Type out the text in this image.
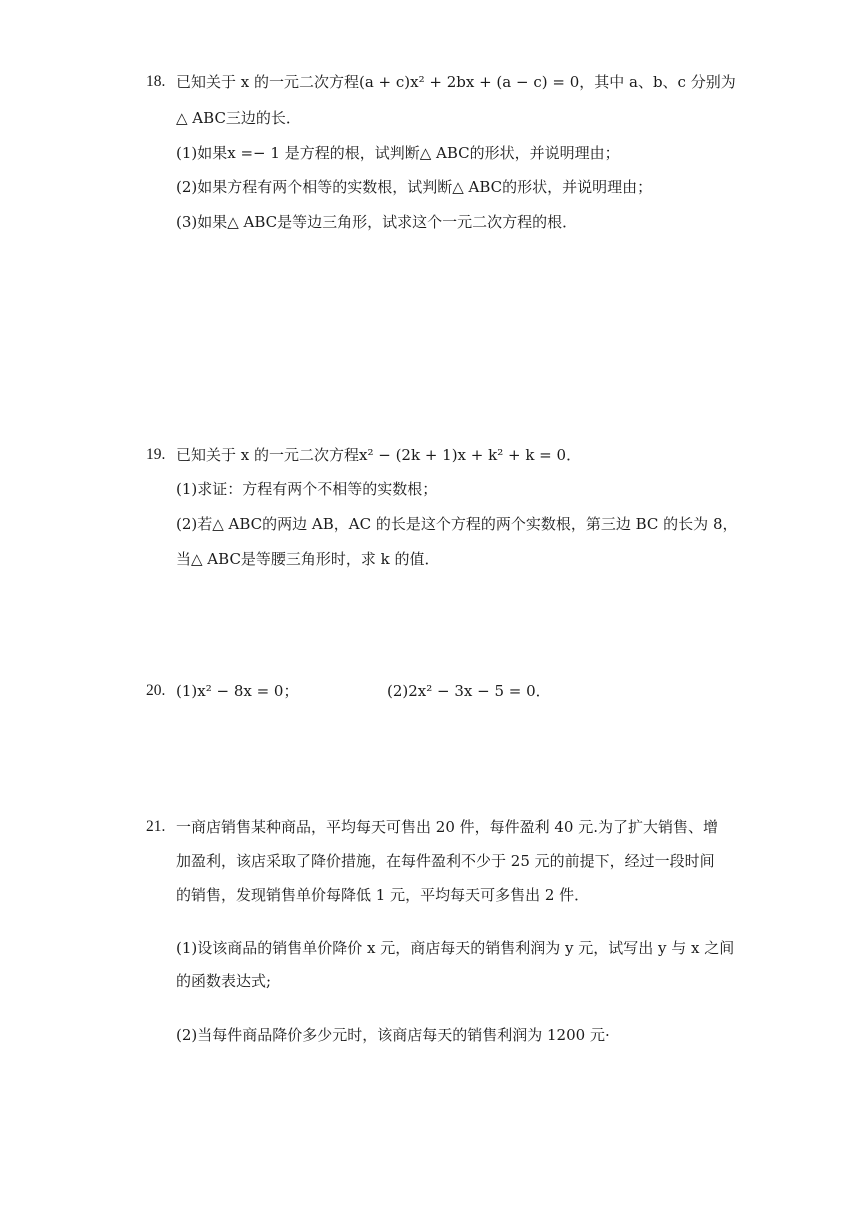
18. 已知关于 x 的一元二次方程(a + c)x² + 2bx + (a − c) = 0，其中 a、b、c 分别为
△ ABC三边的长．
(1)如果x =− 1 是方程的根，试判断△ ABC的形状，并说明理由；
(2)如果方程有两个相等的实数根，试判断△ ABC的形状，并说明理由；
(3)如果△ ABC是等边三角形，试求这个一元二次方程的根．
19. 已知关于 x 的一元二次方程x² − (2k + 1)x + k² + k = 0．
(1)求证：方程有两个不相等的实数根；
(2)若△ ABC的两边 AB，AC 的长是这个方程的两个实数根，第三边 BC 的长为 8，
当△ ABC是等腰三角形时，求 k 的值．
20. (1)x² − 8x = 0；	(2)2x² − 3x − 5 = 0．
21. 一商店销售某种商品，平均每天可售出 20 件，每件盈利 40 元.为了扩大销售、增
加盈利，该店采取了降价措施，在每件盈利不少于 25 元的前提下，经过一段时间
的销售，发现销售单价每降低 1 元，平均每天可多售出 2 件．
(1)设该商品的销售单价降价 x 元，商店每天的销售利润为 y 元，试写出 y 与 x 之间
的函数表达式;
(2)当每件商品降价多少元时，该商店每天的销售利润为 1200 元·
